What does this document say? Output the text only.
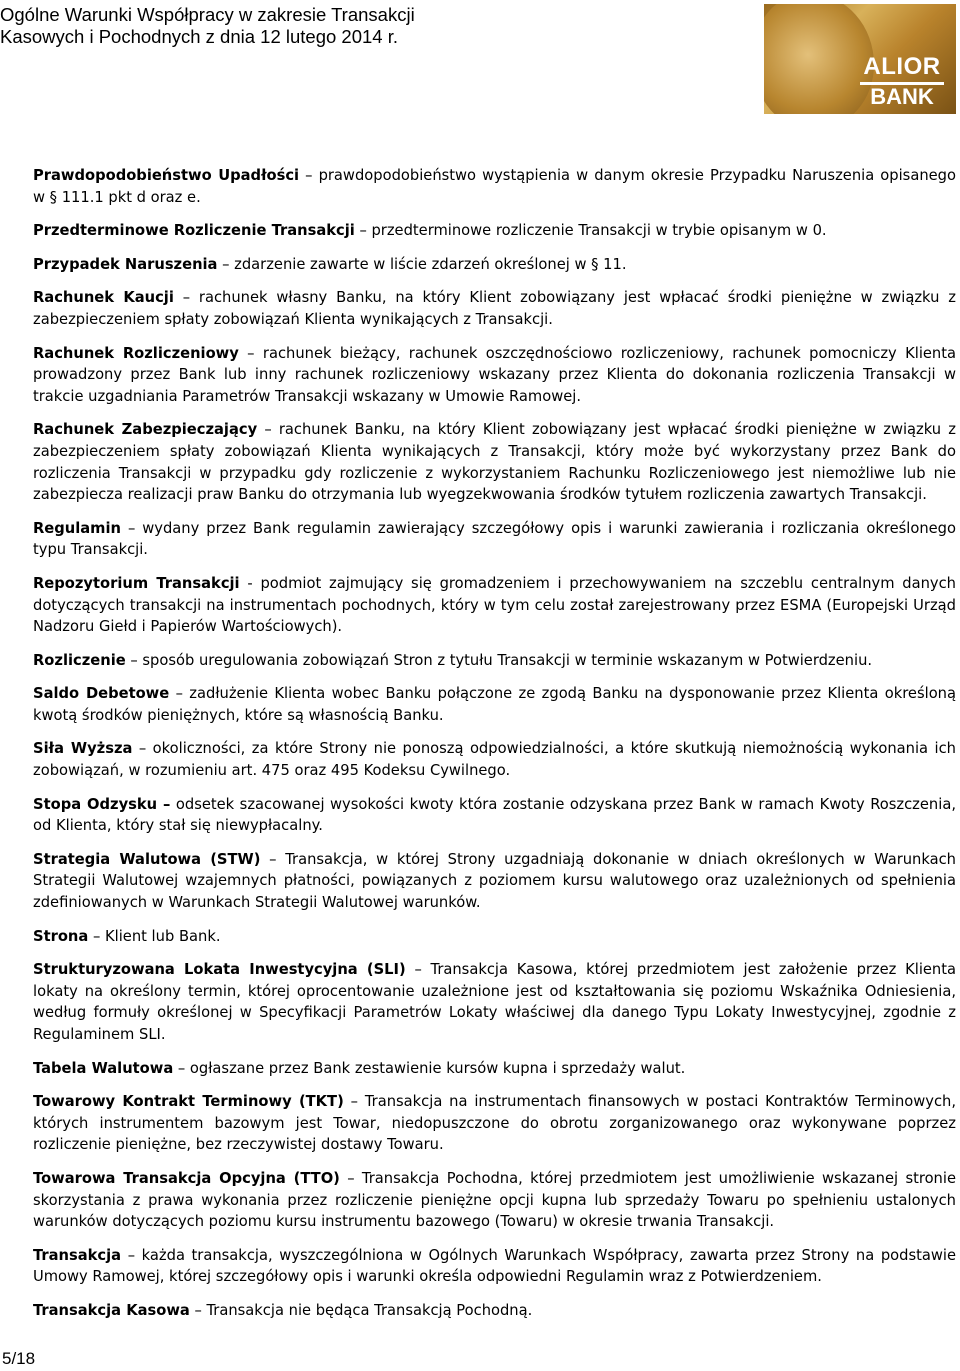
Ogólne Warunki Współpracy w zakresie Transakcji
Kasowych i Pochodnych z dnia 12 lutego 2014 r.
ALIOR
BANK

Prawdopodobieństwo Upadłości – prawdopodobieństwo wystąpienia w danym okresie Przypadku Naruszenia opisanego w § 111.1 pkt d oraz e.

Przedterminowe Rozliczenie Transakcji – przedterminowe rozliczenie Transakcji w trybie opisanym w 0.

Przypadek Naruszenia – zdarzenie zawarte w liście zdarzeń określonej w § 11.

Rachunek Kaucji – rachunek własny Banku, na który Klient zobowiązany jest wpłacać środki pieniężne w związku z zabezpieczeniem spłaty zobowiązań Klienta wynikających z Transakcji.

Rachunek Rozliczeniowy – rachunek bieżący, rachunek oszczędnościowo rozliczeniowy, rachunek pomocniczy Klienta prowadzony przez Bank lub inny rachunek rozliczeniowy wskazany przez Klienta do dokonania rozliczenia Transakcji w trakcie uzgadniania Parametrów Transakcji wskazany w Umowie Ramowej.

Rachunek Zabezpieczający – rachunek Banku, na który Klient zobowiązany jest wpłacać środki pieniężne w związku z zabezpieczeniem spłaty zobowiązań Klienta wynikających z Transakcji, który może być wykorzystany przez Bank do rozliczenia Transakcji w przypadku gdy rozliczenie z wykorzystaniem Rachunku Rozliczeniowego jest niemożliwe lub nie zabezpiecza realizacji praw Banku do otrzymania lub wyegzekwowania środków tytułem rozliczenia zawartych Transakcji.

Regulamin – wydany przez Bank regulamin zawierający szczegółowy opis i warunki zawierania i rozliczania określonego typu Transakcji.

Repozytorium Transakcji - podmiot zajmujący się gromadzeniem i przechowywaniem na szczeblu centralnym danych dotyczących transakcji na instrumentach pochodnych, który w tym celu został zarejestrowany przez ESMA (Europejski Urząd Nadzoru Giełd i Papierów Wartościowych).

Rozliczenie – sposób uregulowania zobowiązań Stron z tytułu Transakcji w terminie wskazanym w Potwierdzeniu.

Saldo Debetowe – zadłużenie Klienta wobec Banku połączone ze zgodą Banku na dysponowanie przez Klienta określoną kwotą środków pieniężnych, które są własnością Banku.

Siła Wyższa – okoliczności, za które Strony nie ponoszą odpowiedzialności, a które skutkują niemożnością wykonania ich zobowiązań, w rozumieniu art. 475 oraz 495 Kodeksu Cywilnego.

Stopa Odzysku – odsetek szacowanej wysokości kwoty która zostanie odzyskana przez Bank w ramach Kwoty Roszczenia, od Klienta, który stał się niewypłacalny.

Strategia Walutowa (STW) – Transakcja, w której Strony uzgadniają dokonanie w dniach określonych w Warunkach Strategii Walutowej wzajemnych płatności, powiązanych z poziomem kursu walutowego oraz uzależnionych od spełnienia zdefiniowanych w Warunkach Strategii Walutowej warunków.

Strona – Klient lub Bank.

Strukturyzowana Lokata Inwestycyjna (SLI) – Transakcja Kasowa, której przedmiotem jest założenie przez Klienta lokaty na określony termin, której oprocentowanie uzależnione jest od kształtowania się poziomu Wskaźnika Odniesienia, według formuły określonej w Specyfikacji Parametrów Lokaty właściwej dla danego Typu Lokaty Inwestycyjnej, zgodnie z Regulaminem SLI.

Tabela Walutowa – ogłaszane przez Bank zestawienie kursów kupna i sprzedaży walut.

Towarowy Kontrakt Terminowy (TKT) – Transakcja na instrumentach finansowych w postaci Kontraktów Terminowych, których instrumentem bazowym jest Towar, niedopuszczone do obrotu zorganizowanego oraz wykonywane poprzez rozliczenie pieniężne, bez rzeczywistej dostawy Towaru.

Towarowa Transakcja Opcyjna (TTO) – Transakcja Pochodna, której przedmiotem jest umożliwienie wskazanej stronie skorzystania z prawa wykonania przez rozliczenie pieniężne opcji kupna lub sprzedaży Towaru po spełnieniu ustalonych warunków dotyczących poziomu kursu instrumentu bazowego (Towaru) w okresie trwania Transakcji.

Transakcja – każda transakcja, wyszczególniona w Ogólnych Warunkach Współpracy, zawarta przez Strony na podstawie Umowy Ramowej, której szczegółowy opis i warunki określa odpowiedni Regulamin wraz z Potwierdzeniem.

Transakcja Kasowa – Transakcja nie będąca Transakcją Pochodną.

5/18
